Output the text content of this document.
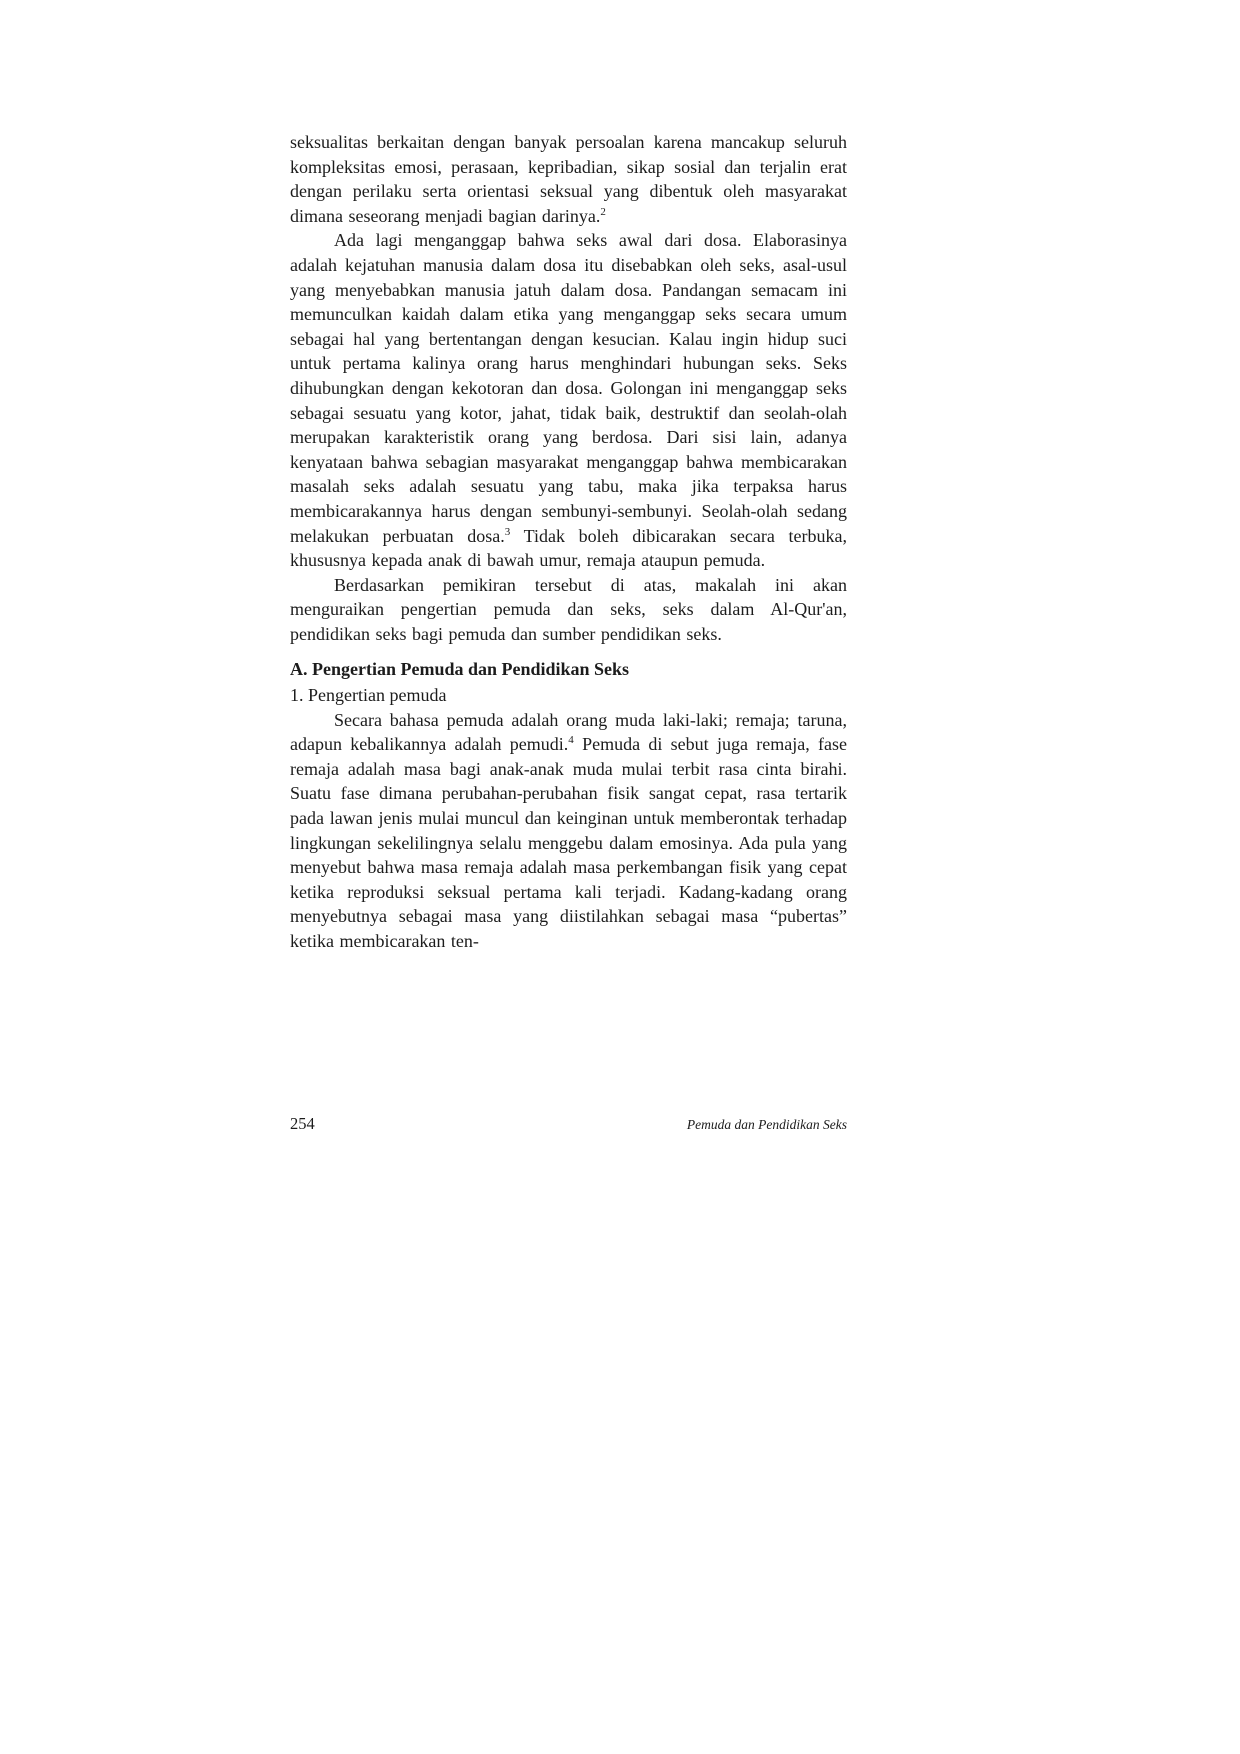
seksualitas berkaitan dengan banyak persoalan karena mancakup seluruh kompleksitas emosi, perasaan, kepribadian, sikap sosial dan terjalin erat dengan perilaku serta orientasi seksual yang dibentuk oleh masyarakat dimana seseorang menjadi bagian darinya.$^2$

Ada lagi menganggap bahwa seks awal dari dosa. Elaborasinya adalah kejatuhan manusia dalam dosa itu disebabkan oleh seks, asal-usul yang menyebabkan manusia jatuh dalam dosa. Pandangan semacam ini memunculkan kaidah dalam etika yang menganggap seks secara umum sebagai hal yang bertentangan dengan kesucian. Kalau ingin hidup suci untuk pertama kalinya orang harus menghindari hubungan seks. Seks dihubungkan dengan kekotoran dan dosa. Golongan ini menganggap seks sebagai sesuatu yang kotor, jahat, tidak baik, destruktif dan seolah-olah merupakan karakteristik orang yang berdosa. Dari sisi lain, adanya kenyataan bahwa sebagian masyarakat menganggap bahwa membicarakan masalah seks adalah sesuatu yang tabu, maka jika terpaksa harus membicarakannya harus dengan sembunyi-sembunyi. Seolah-olah sedang melakukan perbuatan dosa.$^3$ Tidak boleh dibicarakan secara terbuka, khususnya kepada anak di bawah umur, remaja ataupun pemuda.

Berdasarkan pemikiran tersebut di atas, makalah ini akan menguraikan pengertian pemuda dan seks, seks dalam Al-Qur'an, pendidikan seks bagi pemuda dan sumber pendidikan seks.

A. Pengertian Pemuda dan Pendidikan Seks

1. Pengertian pemuda

Secara bahasa pemuda adalah orang muda laki-laki; remaja; taruna, adapun kebalikannya adalah pemudi.$^4$ Pemuda di sebut juga remaja, fase remaja adalah masa bagi anak-anak muda mulai terbit rasa cinta birahi. Suatu fase dimana perubahan-perubahan fisik sangat cepat, rasa tertarik pada lawan jenis mulai muncul dan keinginan untuk memberontak terhadap lingkungan sekelilingnya selalu menggebu dalam emosinya. Ada pula yang menyebut bahwa masa remaja adalah masa perkembangan fisik yang cepat ketika reproduksi seksual pertama kali terjadi. Kadang-kadang orang menyebutnya sebagai masa yang diistilahkan sebagai masa “pubertas” ketika membicarakan ten-

254	Pemuda dan Pendidikan Seks
